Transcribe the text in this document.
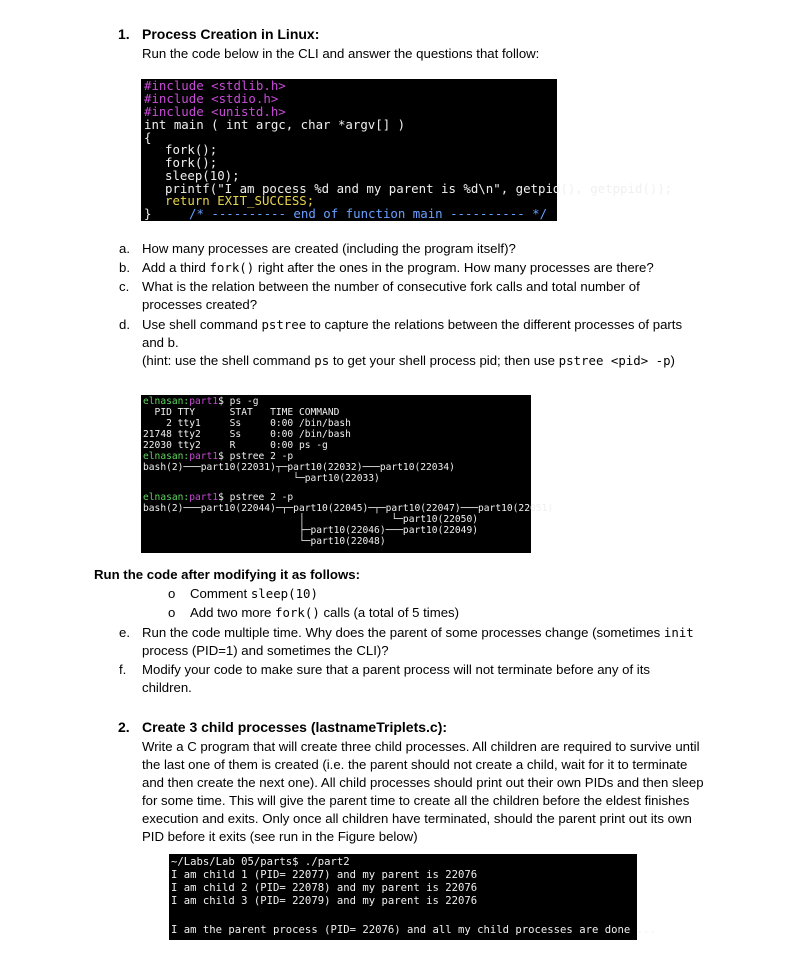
1. Process Creation in Linux:
Run the code below in the CLI and answer the questions that follow:
#include <stdlib.h>
#include <stdio.h>
#include <unistd.h>
int main ( int argc, char *argv[] )
{
fork();
fork();
sleep(10);
printf("I am pocess %d and my parent is %d\n", getpid(), getppid());
return EXIT_SUCCESS;
}	/* ---------- end of function main ---------- */
a. How many processes are created (including the program itself)?
b. Add a third fork() right after the ones in the program. How many processes are there?
c. What is the relation between the number of consecutive fork calls and total number of
processes created?
d. Use shell command pstree to capture the relations between the different processes of parts
and b.
(hint: use the shell command ps to get your shell process pid; then use pstree <pid> -p)
elnasan:part1$ ps -g
PID TTY      STAT   TIME COMMAND
2 tty1     Ss     0:00 /bin/bash
21748 tty2     Ss     0:00 /bin/bash
22030 tty2     R      0:00 ps -g
elnasan:part1$ pstree 2 -p
bash(2)───part10(22031)┬─part10(22032)───part10(22034)
└─part10(22033)
elnasan:part1$ pstree 2 -p
bash(2)───part10(22044)─┬─part10(22045)─┬─part10(22047)───part10(22051)
│               └─part10(22050)
├─part10(22046)───part10(22049)
└─part10(22048)
Run the code after modifying it as follows:
o Comment sleep(10)
o Add two more fork() calls (a total of 5 times)
e. Run the code multiple time. Why does the parent of some processes change (sometimes init
process (PID=1) and sometimes the CLI)?
f. Modify your code to make sure that a parent process will not terminate before any of its
children.
2. Create 3 child processes (lastnameTriplets.c):
Write a C program that will create three child processes. All children are required to survive until
the last one of them is created (i.e. the parent should not create a child, wait for it to terminate
and then create the next one). All child processes should print out their own PIDs and then sleep
for some time. This will give the parent time to create all the children before the eldest finishes
execution and exits. Only once all children have terminated, should the parent print out its own
PID before it exits (see run in the Figure below)
~/Labs/Lab 05/parts$ ./part2
I am child 1 (PID= 22077) and my parent is 22076
I am child 2 (PID= 22078) and my parent is 22076
I am child 3 (PID= 22079) and my parent is 22076
I am the parent process (PID= 22076) and all my child processes are done ...
